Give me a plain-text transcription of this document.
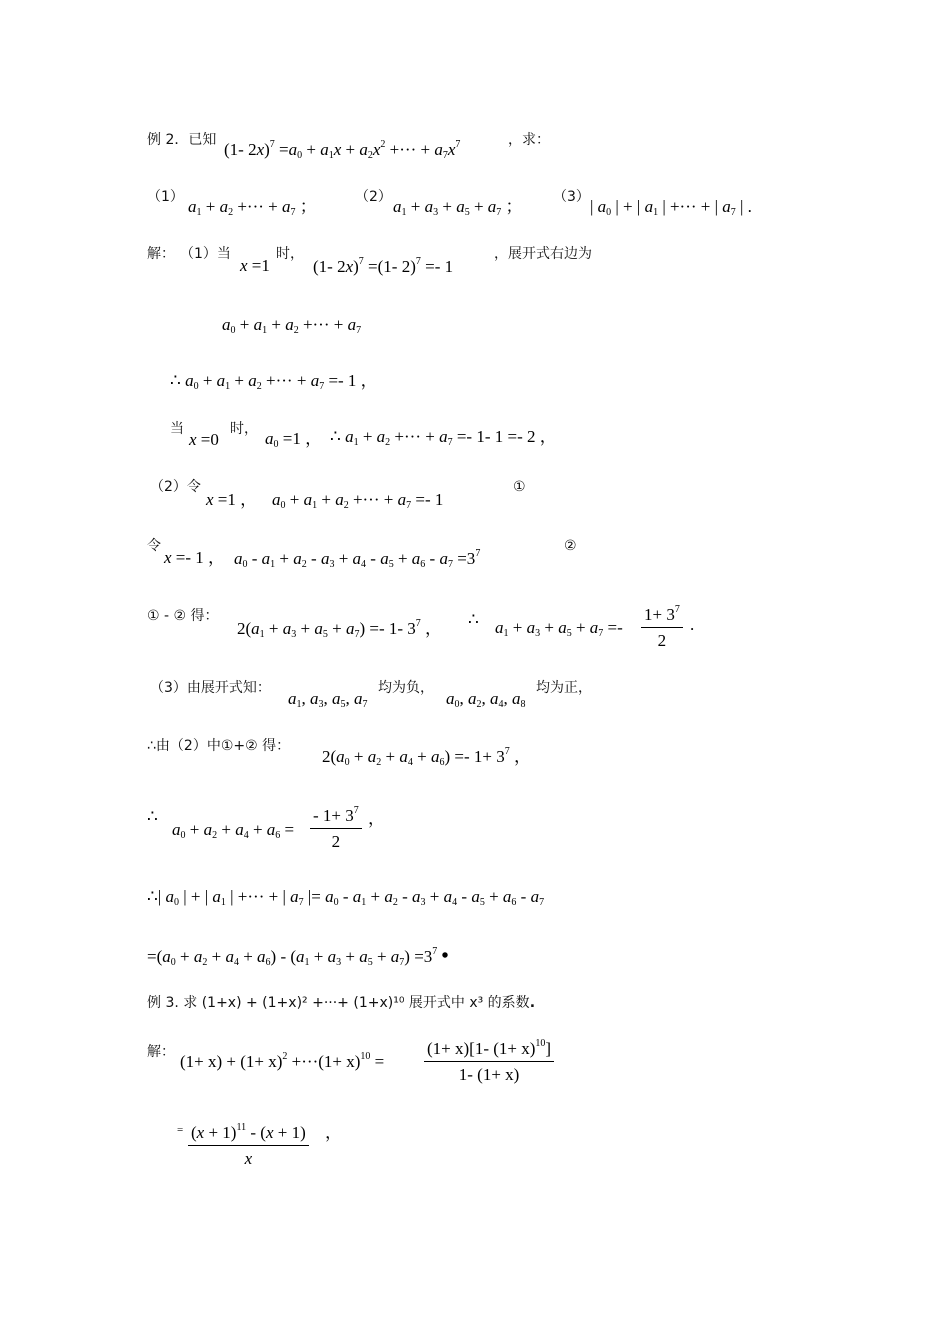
例 2．已知 (1- $2x)^7 =a_0 + a_1x + a_2x^2$ +··· + $a_7x^7$	，求：
（1） $a_1 + a_2$ +··· + $a_7$ ；	（2） $a_1 + a_3 + a_5 + a_7$ ； （3） | $a_0$ | + | $a_1$ | +··· + | $a_7$ | .
解： （1）当
x =1
时，
(1- 2x)$^7$ =(1- 2)$^7$ =- 1
，展开式右边为
$a_0 + a_1 + a_2$ +··· + $a_7$
∴ $a_0 + a_1 + a_2$ +··· + $a_7 =- 1$ ，
当
x =0
时， $a_0 =1$ ， ∴ $a_1 + a_2$ +··· + $a_7 =- 1-$ 1 =- 2 ，
（2）令
x =1 ， $a_0 + a_1 + a_2$ +··· + $a_7 =- 1$
①
令
x =- 1 ， $a_0 - a_1 + a_2 - a_3 + a_4 - a_5 + a_6 - a_7 =3^7$	②
① - ② 得：
$2(a_1 + a_3 + a_5 + a_7) =- 1-$ $3^7$ ， ∴ $a_1 + a_3 + a_5 + a_7 =- \frac{1+ 3^7}{2}$ .
（3）由展开式知：
$a_1$, $a_3$, $a_5$, $a_7$
均为负，
$a_0$, $a_2$, $a_4$, $a_8$
均为正，
∴由（2）中①+② 得：
$2(a_0 + a_2 + a_4 + a_6) =- 1+ 3^7$ ，
∴
$a_0 + a_2 + a_4 + a_6 = \frac{- 1+ 3^7}{2}$ ，
∴| $a_0$ | + | $a_1$ | +··· + | $a_7$ |= $a_0 - a_1 + a_2 - a_3 + a_4 - a_5 + a_6 - a_7$
$=(a_0 + a_2 + a_4 + a_6) - (a_1 + a_3 + a_5 + a_7) =3^7$ •
例 3. 求 (1+x) + (1+x)² +···+ (1+x)¹⁰ 展开式中 x³ 的系数.
解： $(1+ x) + (1+ x)^2 +\cdot\cdot\cdot(1+ x)^{10} = \frac{(1+ x)[1- (1+ x)^{10}]}{1- (1+ x)}$
= $\frac{(x + 1)^{11} - (x + 1)}{x}$ ，
